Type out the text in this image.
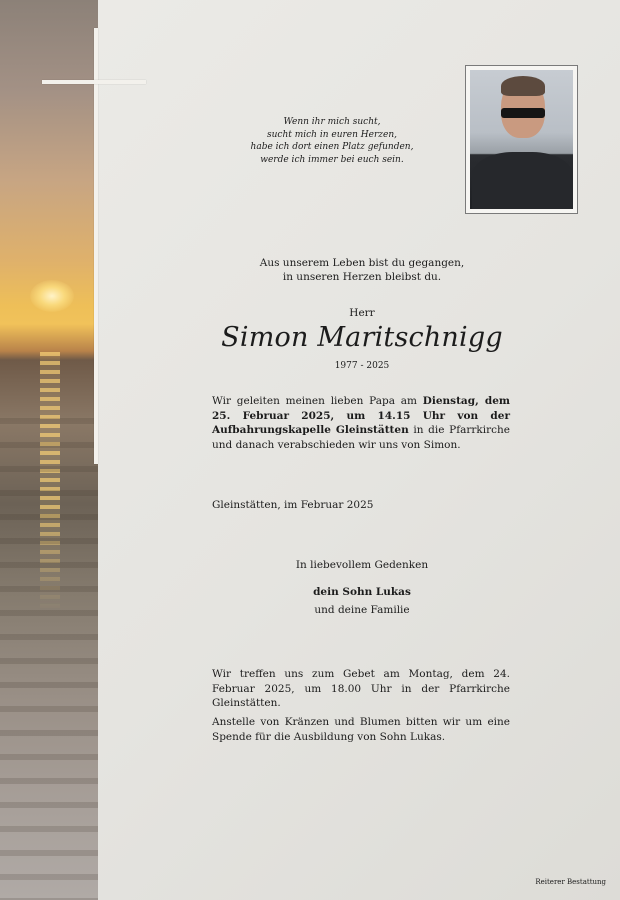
Wenn ihr mich sucht,
sucht mich in euren Herzen,
habe ich dort einen Platz gefunden,
werde ich immer bei euch sein.
Aus unserem Leben bist du gegangen,
in unseren Herzen bleibst du.
Herr
Simon Maritschnigg
1977 - 2025
Wir geleiten meinen lieben Papa am Dienstag, dem 25. Februar 2025, um 14.15 Uhr von der Aufbahrungskapelle Gleinstätten in die Pfarrkirche und danach verabschieden wir uns von Simon.
Gleinstätten, im Februar 2025
In liebevollem Gedenken
dein Sohn Lukas
und deine Familie
Wir treffen uns zum Gebet am Montag, dem 24. Februar 2025, um 18.00 Uhr in der Pfarrkirche Gleinstätten.
Anstelle von Kränzen und Blumen bitten wir um eine Spende für die Ausbildung von Sohn Lukas.
Reiterer Bestattung
